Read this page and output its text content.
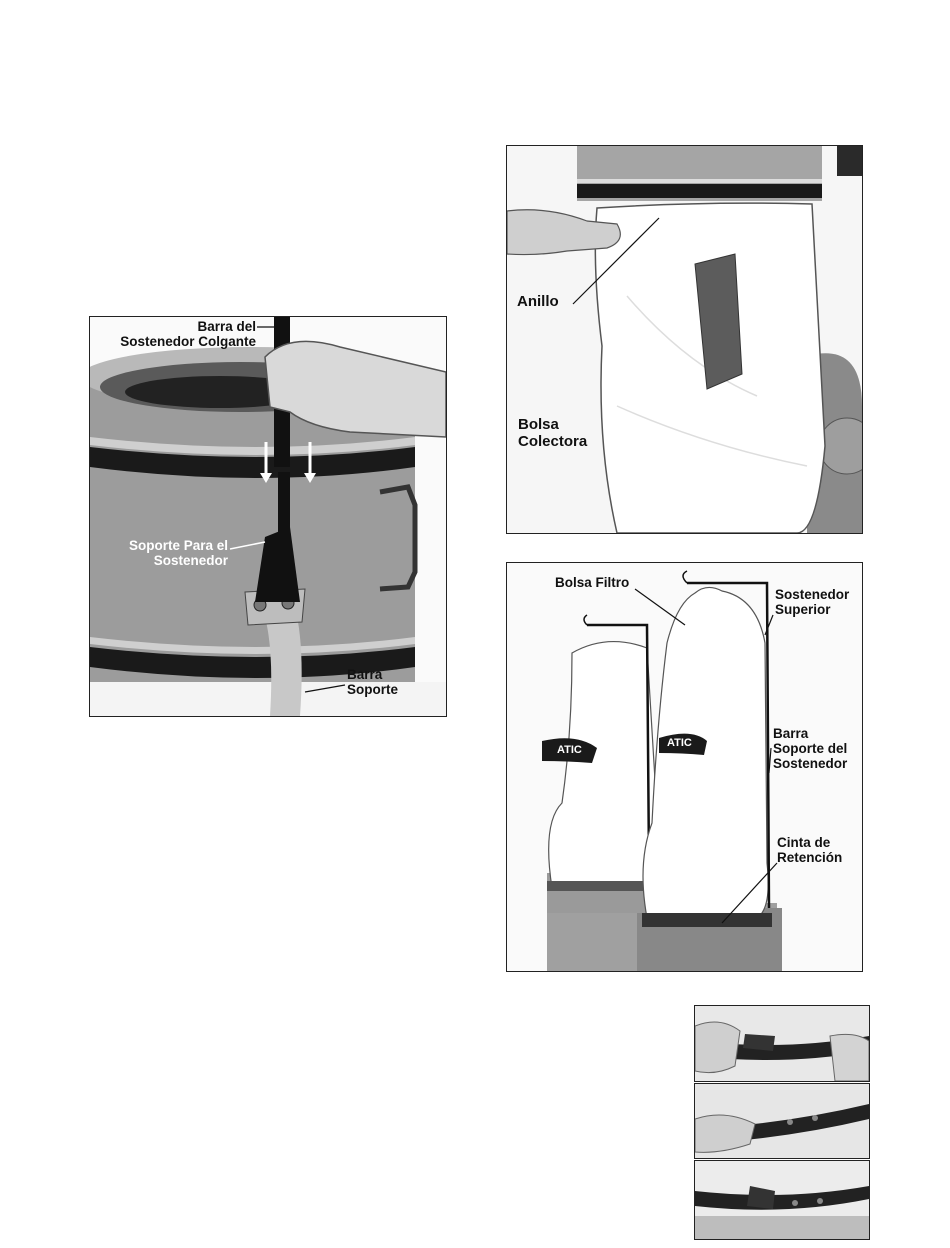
Barra del
Sostenedor Colgante
Soporte Para el
Sostenedor
Barra
Soporte
Anillo
Bolsa
Colectora
ATIC
ATIC
Bolsa Filtro
Sostenedor
Superior
Barra
Soporte del
Sostenedor
Cinta de
Retención
